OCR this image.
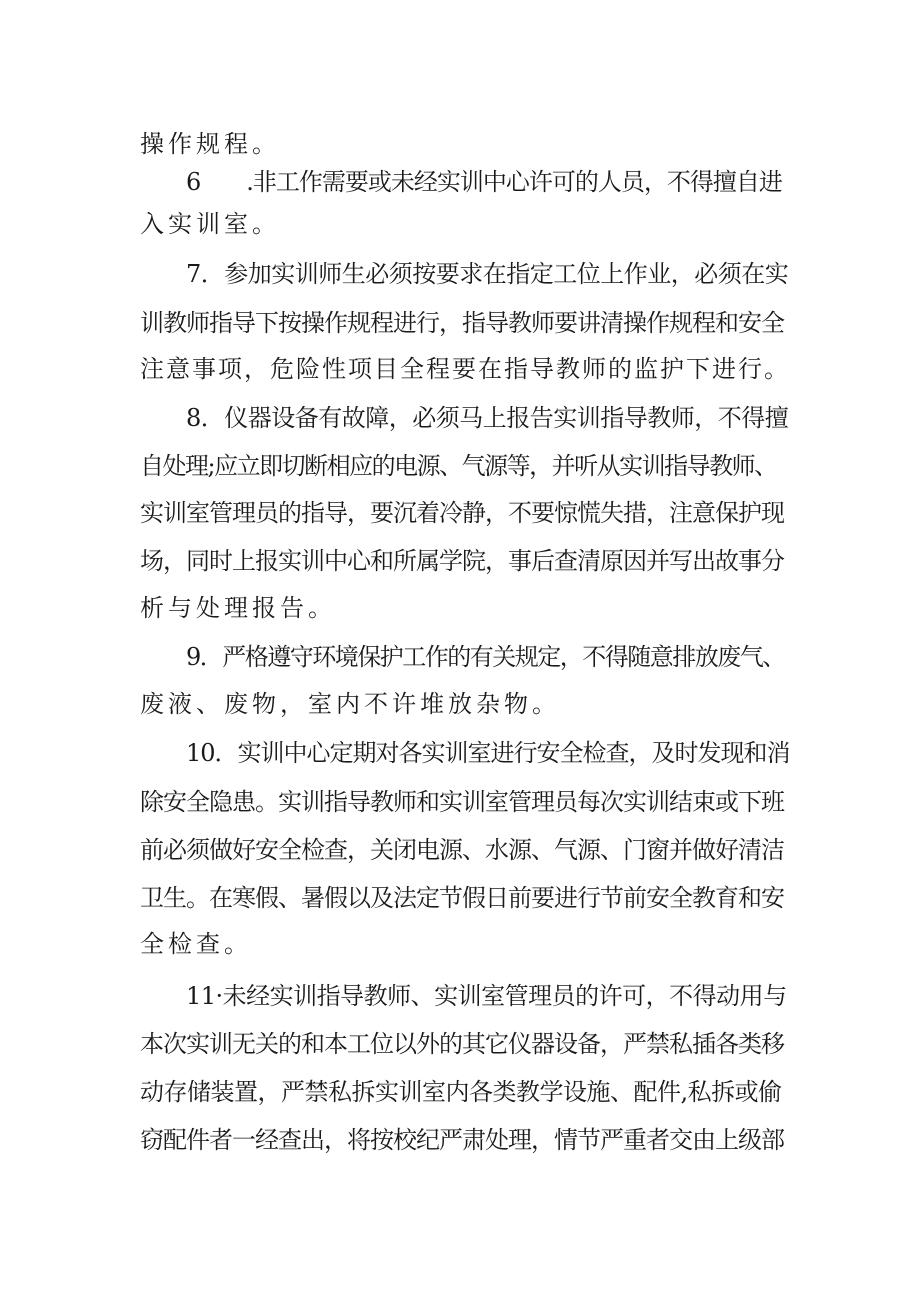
操作规程。
6　　.非工作需要或未经实训中心许可的人员，不得擅自进
入实训室。
7．参加实训师生必须按要求在指定工位上作业，必须在实
训教师指导下按操作规程进行，指导教师要讲清操作规程和安全
注意事项，危险性项目全程要在指导教师的监护下进行。
8．仪器设备有故障，必须马上报告实训指导教师，不得擅
自处理;应立即切断相应的电源、气源等，并听从实训指导教师、
实训室管理员的指导，要沉着冷静，不要惊慌失措，注意保护现
场，同时上报实训中心和所属学院，事后查清原因并写出故事分
析与处理报告。
9．严格遵守环境保护工作的有关规定，不得随意排放废气、
废液、废物，室内不许堆放杂物。
10．实训中心定期对各实训室进行安全检查，及时发现和消
除安全隐患。实训指导教师和实训室管理员每次实训结束或下班
前必须做好安全检查，关闭电源、水源、气源、门窗并做好清洁
卫生。在寒假、暑假以及法定节假日前要进行节前安全教育和安
全检查。
11·未经实训指导教师、实训室管理员的许可，不得动用与
本次实训无关的和本工位以外的其它仪器设备，严禁私插各类移
动存储装置，严禁私拆实训室内各类教学设施、配件,私拆或偷
窃配件者一经查出，将按校纪严肃处理，情节严重者交由上级部
